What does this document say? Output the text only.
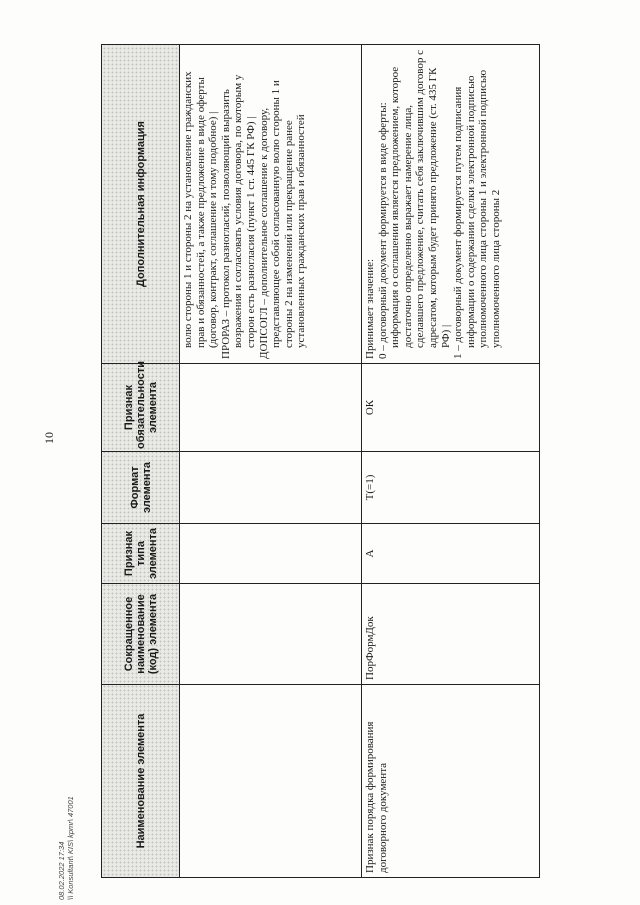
10
08.02.2022 17:34 \\ Konsultant\ KIS\ kpmr\ 47001	Наименование элемента	Сокращенное наименование (код) элемента	Признак типа элемента	Формат элемента	Признак обязательности элемента	Дополнительная информация

					волю стороны 1 и стороны 2 на установление гражданских прав и обязанностей, а также предложение в виде оферты (договор, контракт, соглашение и тому подобное) | ПРОРАЗ – протокол разногласий, позволяющий выразить возражения и согласовать условия договора, по которым у сторон есть разногласия (пункт 1 ст. 445 ГК РФ) | ДОПСОГЛ – дополнительное соглашение к договору, представляющее собой согласованную волю стороны 1 и стороны 2 на изменений или прекращение ранее установленных гражданских прав и обязанностей

Признак порядка формирования договорного документа	ПорФормДок	А	Т(=1)	ОК	Принимает значение: 0 – договорный документ формируется в виде оферты: информация о соглашении является предложением, которое достаточно определенно выражает намерение лица, сделавшего предложение, считать себя заключившим договор с адресатом, которым будет принято предложение (ст. 435 ГК РФ) | 1 – договорный документ формируется путем подписания информации о содержании сделки электронной подписью уполномоченного лица стороны 1 и электронной подписью уполномоченного лица стороны 2
